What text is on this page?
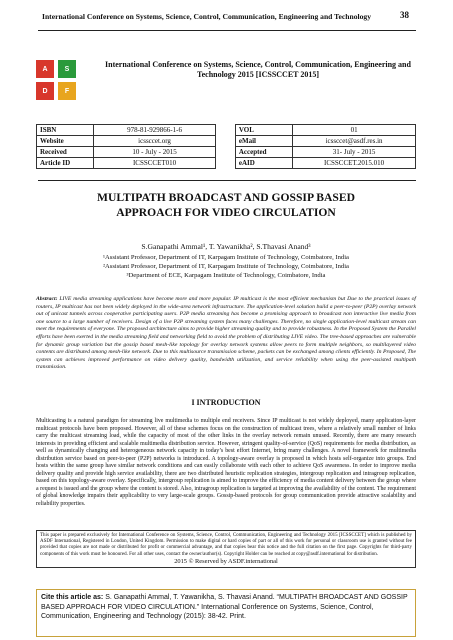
International Conference on Systems, Science, Control, Communication, Engineering and Technology	38
A	S
D	F
International Conference on Systems, Science, Control, Communication, Engineering and
Technology 2015 [ICSSCCET 2015]
ISBN	978-81-929866-1-6		VOL	01
Website	icssccet.org		eMail	icssccet@asdf.res.in
Received	10 - July - 2015		Accepted	31- July - 2015
Article ID	ICSSCCET010		eAID	ICSSCCET.2015.010
MULTIPATH BROADCAST AND GOSSIP BASED
APPROACH FOR VIDEO CIRCULATION
S.Ganapathi Ammal¹, T. Yawanikha², S.Thavasi Anand³
¹Assistant Professor, Department of IT, Karpagam Institute of Technology, Coimbatore, India
²Assistant Professor, Department of IT, Karpagam Institute of Technology, Coimbatore, India
³Department of ECE, Karpagam Institute of Technology, Coimbatore, India
Abstract: LIVE media streaming applications have become more and more popular. IP multicast is the most efficient mechanism but Due to the practical issues of routers, IP multicast has not been widely deployed in the wide-area network infrastructure. The application-level solution build a peer-to-peer (P2P) overlay network out of unicast tunnels across cooperative participating users. P2P media streaming has become a promising approach to broadcast non interactive live media from one source to a large number of receivers. Design of a live P2P streaming system faces many challenges. Therefore, no single application-level multicast stream can meet the requirements of everyone. The proposed architecture aims to provide higher streaming quality and to provide robustness. In the Proposed System the Parallel efforts have been exerted in the media streaming field and networking field to avoid the problem of distributing LIVE video. The tree-based approaches are vulnerable for dynamic group variation but the gossip based mesh-like topology for overlay network systems allow peers to form multiple neighbors, so multilayered video contents are distributed among mesh-like network. Due to this multisource transmission scheme, packets can be exchanged among clients efficiently. In Proposed, The system can achieves improved performance on video delivery quality, bandwidth utilization, and service reliability when using the peer-assisted multipath transmission.
I INTRODUCTION
Multicasting is a natural paradigm for streaming live multimedia to multiple end receivers. Since IP multicast is not widely deployed, many application-layer multicast protocols have been proposed. However, all of these schemes focus on the construction of multicast trees, where a relatively small number of links carry the multicast streaming load, while the capacity of most of the other links in the overlay network remain unused. Recently, there are many research interests in providing efficient and scalable multimedia distribution service. However, stringent quality-of-service (QoS) requirements for media distribution, as well as dynamically changing and heterogeneous network capacity in today’s best effort Internet, bring many challenges. A novel framework for multimedia distribution service based on peer-to-peer (P2P) networks is introduced. A topology-aware overlay is proposed in which hosts self-organize into groups. End hosts within the same group have similar network conditions and can easily collaborate with each other to achieve QoS awareness. In order to improve media delivery quality and provide high service availability, there are two distributed heuristic replication strategies, intergroup replication and intragroup replication, based on this topology-aware overlay. Specifically, intergroup replication is aimed to improve the efficiency of media content delivery between the group where a request is issued and the group where the content is stored. Also, intragroup replication is targeted at improving the availability of the content. The requirement of global knowledge impairs their applicability to very large-scale groups. Gossip-based protocols for group communication provide attractive scalability and reliability properties.
This paper is prepared exclusively for International Conference on Systems, Science, Control, Communication, Engineering and Technology 2015 [ICSSCCET] which is published by ASDF International, Registered in London, United Kingdom. Permission to make digital or hard copies of part or all of this work for personal or classroom use is granted without fee provided that copies are not made or distributed for profit or commercial advantage, and that copies bear this notice and the full citation on the first page. Copyrights for third-party components of this work must be honoured. For all other uses, contact the owner/author(s). Copyright Holder can be reached at copy@asdf.international for distribution.
2015 © Reserved by ASDF.international
Cite this article as: S. Ganapathi Ammal, T. Yawanikha, S. Thavasi Anand. “MULTIPATH BROADCAST AND GOSSIP BASED APPROACH FOR VIDEO CIRCULATION.” International Conference on Systems, Science, Control, Communication, Engineering and Technology (2015): 38-42. Print.
